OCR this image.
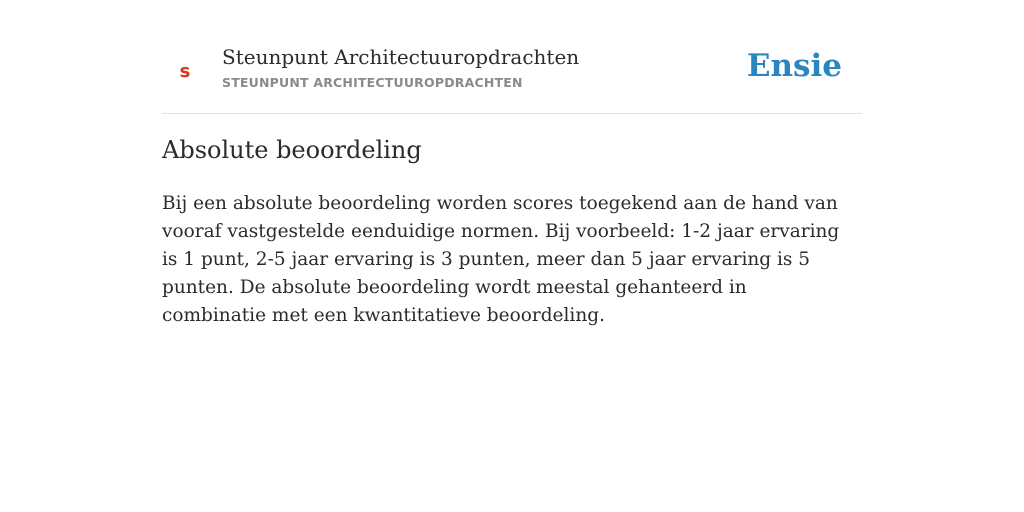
s
Steunpunt Architectuuropdrachten
STEUNPUNT ARCHITECTUUROPDRACHTEN	Ensie
Absolute beoordeling

Bij een absolute beoordeling worden scores toegekend aan de hand van vooraf vastgestelde eenduidige normen. Bij voorbeeld: 1-2 jaar ervaring is 1 punt, 2-5 jaar ervaring is 3 punten, meer dan 5 jaar ervaring is 5 punten. De absolute beoordeling wordt meestal gehanteerd in combinatie met een kwantitatieve beoordeling.
